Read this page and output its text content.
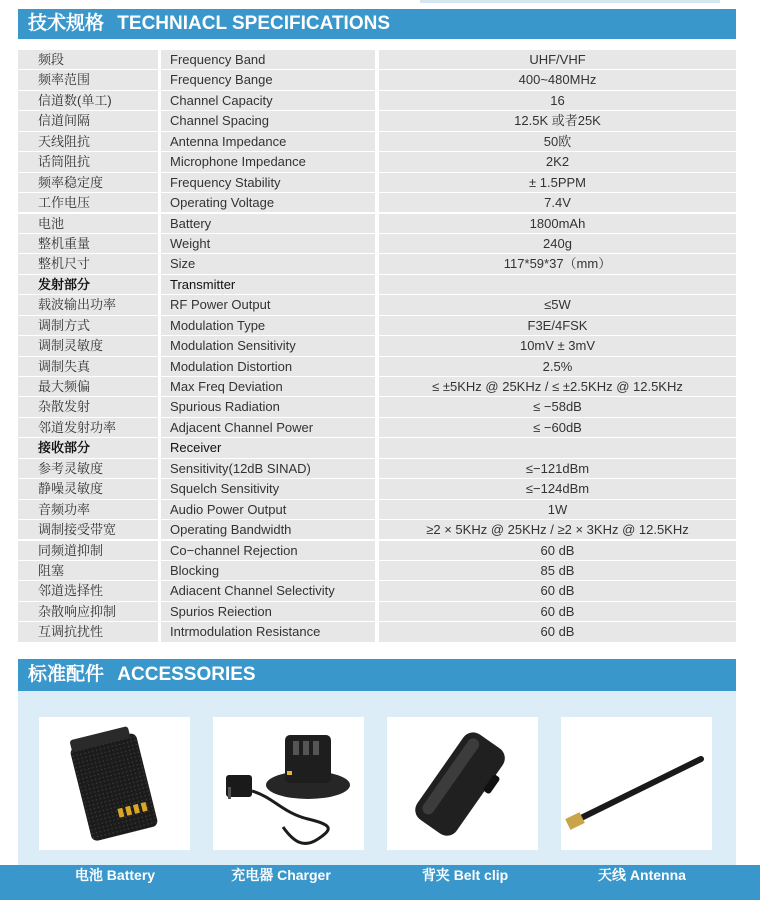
技术规格 TECHNIACL SPECIFICATIONS
频段	Frequency Band	UHF/VHF
频率范围	Frequency Bange	400~480MHz
信道数(单工)	Channel Capacity	16
信道间隔	Channel Spacing	12.5K 或者25K
天线阻抗	Antenna Impedance	50欧
话筒阻抗	Microphone Impedance	2K2
频率稳定度	Frequency Stability	± 1.5PPM
工作电压	Operating Voltage	7.4V
电池	Battery	1800mAh
整机重量	Weight	240g
整机尺寸	Size	117*59*37（mm）
发射部分	Transmitter
载波输出功率	RF Power Output	≤5W
调制方式	Modulation Type	F3E/4FSK
调制灵敏度	Modulation Sensitivity	10mV ± 3mV
调制失真	Modulation Distortion	2.5%
最大频偏	Max Freq Deviation	≤ ±5KHz @ 25KHz / ≤ ±2.5KHz @ 12.5KHz
杂散发射	Spurious Radiation	≤ −58dB
邻道发射功率	Adjacent Channel Power	≤ −60dB
接收部分	Receiver
参考灵敏度	Sensitivity(12dB SINAD)	≤−121dBm
静噪灵敏度	Squelch Sensitivity	≤−124dBm
音频功率	Audio Power Output	1W
调制接受带宽	Operating Bandwidth	≥2 × 5KHz @ 25KHz / ≥2 × 3KHz @ 12.5KHz
同频道抑制	Co−channel Rejection	60 dB
阻塞	Blocking	85 dB
邻道选择性	Adiacent Channel Selectivity	60 dB
杂散响应抑制	Spurios Reiection	60 dB
互调抗扰性	Intrmodulation Resistance	60 dB
标准配件 ACCESSORIES
电池 Battery	充电器 Charger	背夹 Belt clip	天线 Antenna
